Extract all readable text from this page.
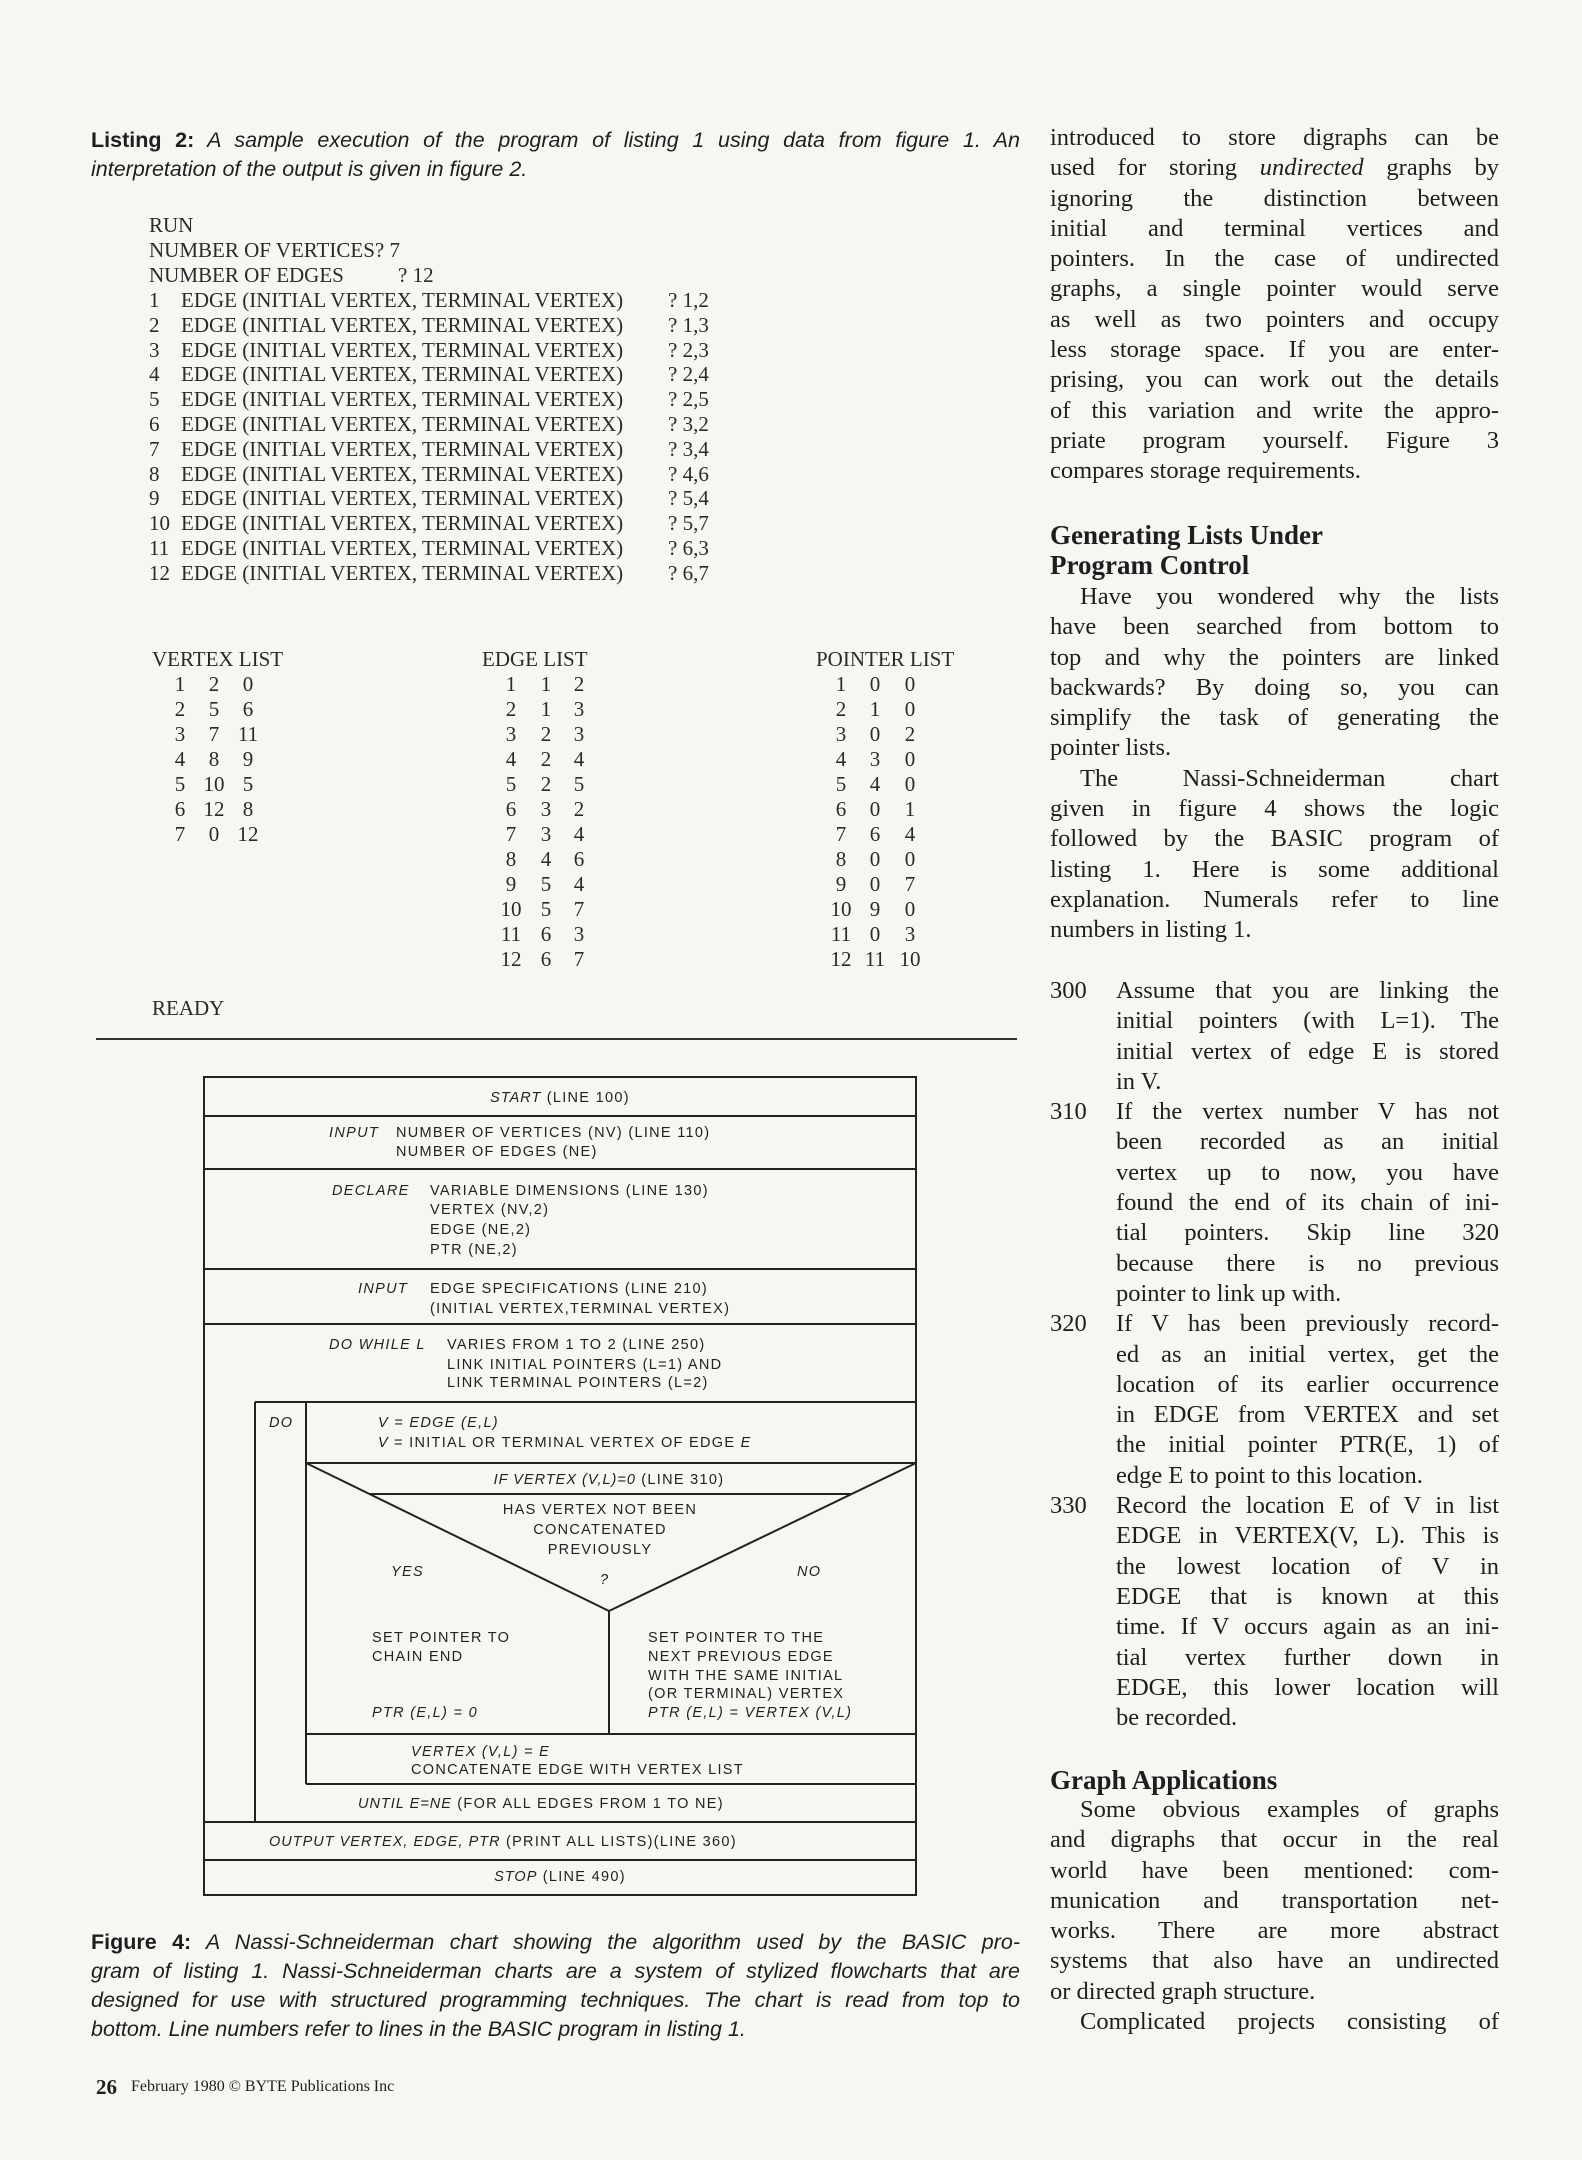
Listing 2: A sample execution of the program of listing 1 using data from figure 1. An
interpretation of the output is given in figure 2.
RUN
NUMBER OF VERTICES? 7
NUMBER OF EDGES	? 12
1 EDGE (INITIAL VERTEX, TERMINAL VERTEX) ? 1,2
2 EDGE (INITIAL VERTEX, TERMINAL VERTEX) ? 1,3
3 EDGE (INITIAL VERTEX, TERMINAL VERTEX) ? 2,3
4 EDGE (INITIAL VERTEX, TERMINAL VERTEX) ? 2,4
5 EDGE (INITIAL VERTEX, TERMINAL VERTEX) ? 2,5
6 EDGE (INITIAL VERTEX, TERMINAL VERTEX) ? 3,2
7 EDGE (INITIAL VERTEX, TERMINAL VERTEX) ? 3,4
8 EDGE (INITIAL VERTEX, TERMINAL VERTEX) ? 4,6
9 EDGE (INITIAL VERTEX, TERMINAL VERTEX) ? 5,4
10 EDGE (INITIAL VERTEX, TERMINAL VERTEX) ? 5,7
11 EDGE (INITIAL VERTEX, TERMINAL VERTEX) ? 6,3
12 EDGE (INITIAL VERTEX, TERMINAL VERTEX) ? 6,7
VERTEX LIST
1	2	0
2	5	6
3	7 11
4	8	9
5 10 5
6 12 8
7	0 12
EDGE LIST
1	1	2
2	1	3
3	2	3
4	2	4
5	2	5
6	3	2
7	3	4
8	4	6
9	5	4
10 5	7
11 6	3
12 6	7
POINTER LIST
1	0	0
2	1	0
3	0	2
4	3	0
5	4	0
6	0	1
7	6	4
8	0	0
9	0	7
10 9	0
11 0	3
12 11 10
READY
START (LINE 100)
INPUT NUMBER OF VERTICES (NV) (LINE 110)
NUMBER OF EDGES (NE)
DECLARE VARIABLE DIMENSIONS (LINE 130)
VERTEX (NV,2)
EDGE (NE,2)
PTR (NE,2)
INPUT EDGE SPECIFICATIONS (LINE 210)
(INITIAL VERTEX,TERMINAL VERTEX)
DO WHILE L VARIES FROM 1 TO 2 (LINE 250)
LINK INITIAL POINTERS (L=1) AND
LINK TERMINAL POINTERS (L=2)
DO	V = EDGE (E,L)
V = INITIAL OR TERMINAL VERTEX OF EDGE E
IF VERTEX (V,L)=0 (LINE 310)
HAS VERTEX NOT BEEN
CONCATENATED
PREVIOUSLY
YES	?	NO
SET POINTER TO
CHAIN END
PTR (E,L) = 0
SET POINTER TO THE
NEXT PREVIOUS EDGE
WITH THE SAME INITIAL
(OR TERMINAL) VERTEX
PTR (E,L) = VERTEX (V,L)
VERTEX (V,L) = E
CONCATENATE EDGE WITH VERTEX LIST
UNTIL E=NE (FOR ALL EDGES FROM 1 TO NE)
OUTPUT VERTEX, EDGE, PTR (PRINT ALL LISTS)(LINE 360)
STOP (LINE 490)
Figure 4: A Nassi-Schneiderman chart showing the algorithm used by the BASIC pro-
gram of listing 1. Nassi-Schneiderman charts are a system of stylized flowcharts that are
designed for use with structured programming techniques. The chart is read from top to
bottom. Line numbers refer to lines in the BASIC program in listing 1.
26 February 1980 © BYTE Publications Inc
introduced to store digraphs can be
used for storing undirected graphs by
ignoring the distinction between
initial and terminal vertices and
pointers. In the case of undirected
graphs, a single pointer would serve
as well as two pointers and occupy
less storage space. If you are enter-
prising, you can work out the details
of this variation and write the appro-
priate program yourself. Figure 3
compares storage requirements.
Generating Lists Under
Program Control
Have you wondered why the lists
have been searched from bottom to
top and why the pointers are linked
backwards? By doing so, you can
simplify the task of generating the
pointer lists.
The Nassi-Schneiderman chart
given in figure 4 shows the logic
followed by the BASIC program of
listing 1. Here is some additional
explanation. Numerals refer to line
numbers in listing 1.
300 Assume that you are linking the
initial pointers (with L=1). The
initial vertex of edge E is stored
in V.
310 If the vertex number V has not
been recorded as an initial
vertex up to now, you have
found the end of its chain of ini-
tial pointers. Skip line 320
because there is no previous
pointer to link up with.
320 If V has been previously record-
ed as an initial vertex, get the
location of its earlier occurrence
in EDGE from VERTEX and set
the initial pointer PTR(E, 1) of
edge E to point to this location.
330 Record the location E of V in list
EDGE in VERTEX(V, L). This is
the lowest location of V in
EDGE that is known at this
time. If V occurs again as an ini-
tial vertex further down in
EDGE, this lower location will
be recorded.
Graph Applications
Some obvious examples of graphs
and digraphs that occur in the real
world have been mentioned: com-
munication and transportation net-
works. There are more abstract
systems that also have an undirected
or directed graph structure.
Complicated projects consisting of
